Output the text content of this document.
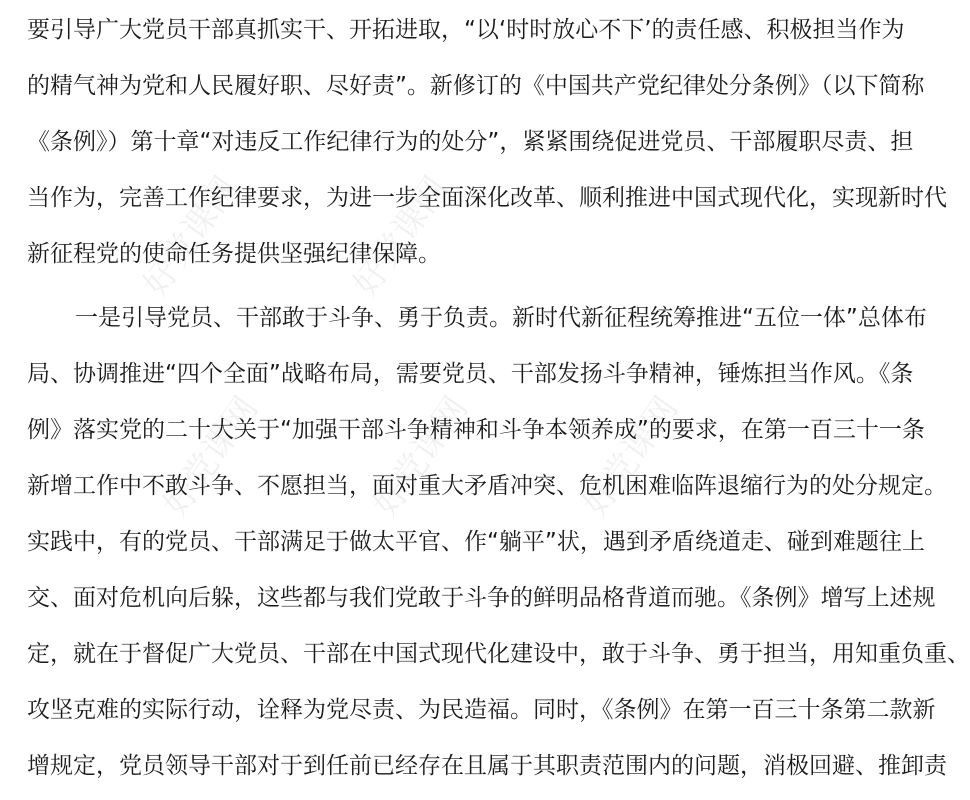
好党课网	好党课网
好党课网	好党课网	好党课网
要引导广大党员干部真抓实干、开拓进取，“以‘时时放心不下’的责任感、积极担当作为
的精气神为党和人民履好职、尽好责”。新修订的《中国共产党纪律处分条例》（以下简称
《条例》）第十章“对违反工作纪律行为的处分”，紧紧围绕促进党员、干部履职尽责、担
当作为，完善工作纪律要求，为进一步全面深化改革、顺利推进中国式现代化，实现新时代
新征程党的使命任务提供坚强纪律保障。
一是引导党员、干部敢于斗争、勇于负责。新时代新征程统筹推进“五位一体”总体布
局、协调推进“四个全面”战略布局，需要党员、干部发扬斗争精神，锤炼担当作风。《条
例》落实党的二十大关于“加强干部斗争精神和斗争本领养成”的要求，在第一百三十一条
新增工作中不敢斗争、不愿担当，面对重大矛盾冲突、危机困难临阵退缩行为的处分规定。
实践中，有的党员、干部满足于做太平官、作“躺平”状，遇到矛盾绕道走、碰到难题往上
交、面对危机向后躲，这些都与我们党敢于斗争的鲜明品格背道而驰。《条例》增写上述规
定，就在于督促广大党员、干部在中国式现代化建设中，敢于斗争、勇于担当，用知重负重、
攻坚克难的实际行动，诠释为党尽责、为民造福。同时，《条例》在第一百三十条第二款新
增规定，党员领导干部对于到任前已经存在且属于其职责范围内的问题，消极回避、推卸责
